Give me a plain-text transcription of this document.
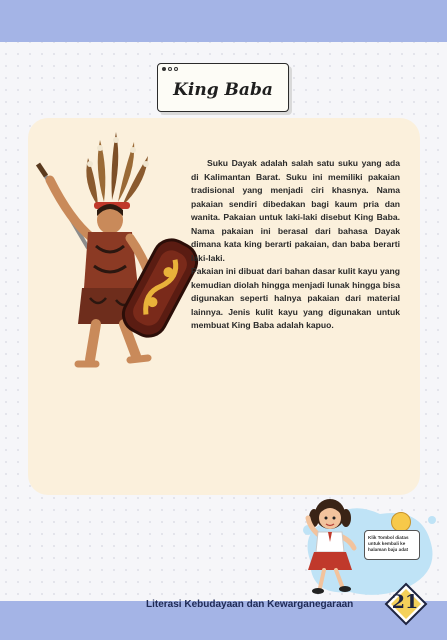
King Baba

Suku Dayak adalah salah satu suku yang ada di Kalimantan Barat. Suku ini memiliki pakaian tradisional yang menjadi ciri khasnya. Nama pakaian sendiri dibedakan bagi kaum pria dan wanita. Pakaian untuk laki-laki disebut King Baba. Nama pakaian ini berasal dari bahasa Dayak dimana kata king berarti pakaian, dan baba berarti laki-laki.

Pakaian ini dibuat dari bahan dasar kulit kayu yang kemudian diolah hingga menjadi lunak hingga bisa digunakan seperti halnya pakaian dari material lainnya. Jenis kulit kayu yang digunakan untuk membuat King Baba adalah kapuo.

Klik Tombol diatas untuk kembali ke halaman baju adat
Literasi Kebudayaan dan Kewarganegaraan 21
